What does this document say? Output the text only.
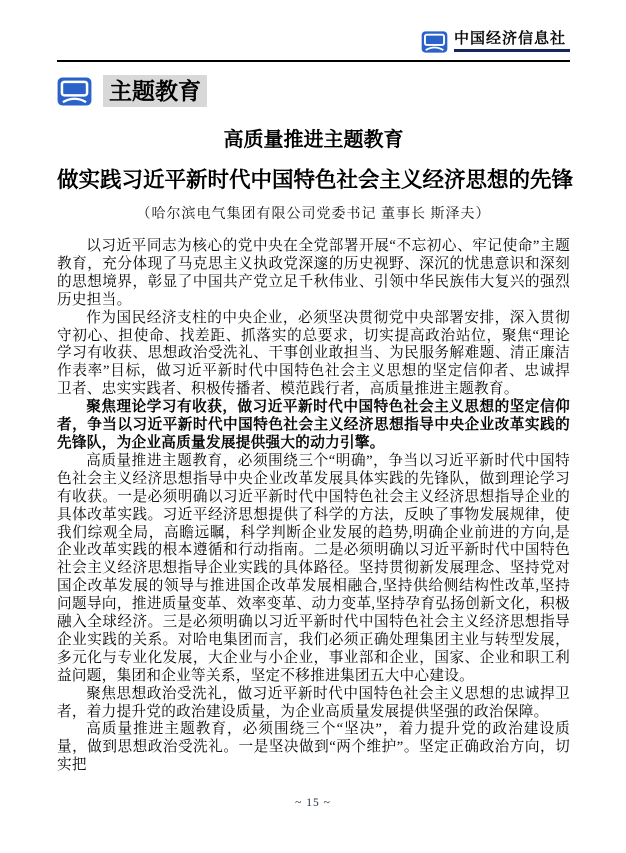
中国经济信息社
主题教育
高质量推进主题教育
做实践习近平新时代中国特色社会主义经济思想的先锋
（哈尔滨电气集团有限公司党委书记 董事长 斯泽夫）

以习近平同志为核心的党中央在全党部署开展“不忘初心、牢记使命”主题教育，充分体现了马克思主义执政党深邃的历史视野、深沉的忧患意识和深刻的思想境界，彰显了中国共产党立足千秋伟业、引领中华民族伟大复兴的强烈历史担当。

作为国民经济支柱的中央企业，必须坚决贯彻党中央部署安排，深入贯彻守初心、担使命、找差距、抓落实的总要求，切实提高政治站位，聚焦“理论学习有收获、思想政治受洗礼、干事创业敢担当、为民服务解难题、清正廉洁作表率”目标，做习近平新时代中国特色社会主义思想的坚定信仰者、忠诚捍卫者、忠实实践者、积极传播者、模范践行者，高质量推进主题教育。

聚焦理论学习有收获，做习近平新时代中国特色社会主义思想的坚定信仰者，争当以习近平新时代中国特色社会主义经济思想指导中央企业改革实践的先锋队，为企业高质量发展提供强大的动力引擎。

高质量推进主题教育，必须围绕三个“明确”，争当以习近平新时代中国特色社会主义经济思想指导中央企业改革发展具体实践的先锋队，做到理论学习有收获。一是必须明确以习近平新时代中国特色社会主义经济思想指导企业的具体改革实践。习近平经济思想提供了科学的方法，反映了事物发展规律，使我们综观全局，高瞻远瞩，科学判断企业发展的趋势,明确企业前进的方向,是企业改革实践的根本遵循和行动指南。二是必须明确以习近平新时代中国特色社会主义经济思想指导企业实践的具体路径。坚持贯彻新发展理念、坚持党对国企改革发展的领导与推进国企改革发展相融合,坚持供给侧结构性改革,坚持问题导向，推进质量变革、效率变革、动力变革,坚持孕育弘扬创新文化，积极融入全球经济。三是必须明确以习近平新时代中国特色社会主义经济思想指导企业实践的关系。对哈电集团而言，我们必须正确处理集团主业与转型发展，多元化与专业化发展，大企业与小企业，事业部和企业，国家、企业和职工利益问题，集团和企业等关系，坚定不移推进集团五大中心建设。

聚焦思想政治受洗礼，做习近平新时代中国特色社会主义思想的忠诚捍卫者，着力提升党的政治建设质量，为企业高质量发展提供坚强的政治保障。

高质量推进主题教育，必须围绕三个“坚决”，着力提升党的政治建设质量，做到思想政治受洗礼。一是坚决做到“两个维护”。坚定正确政治方向，切实把

~ 15 ~
